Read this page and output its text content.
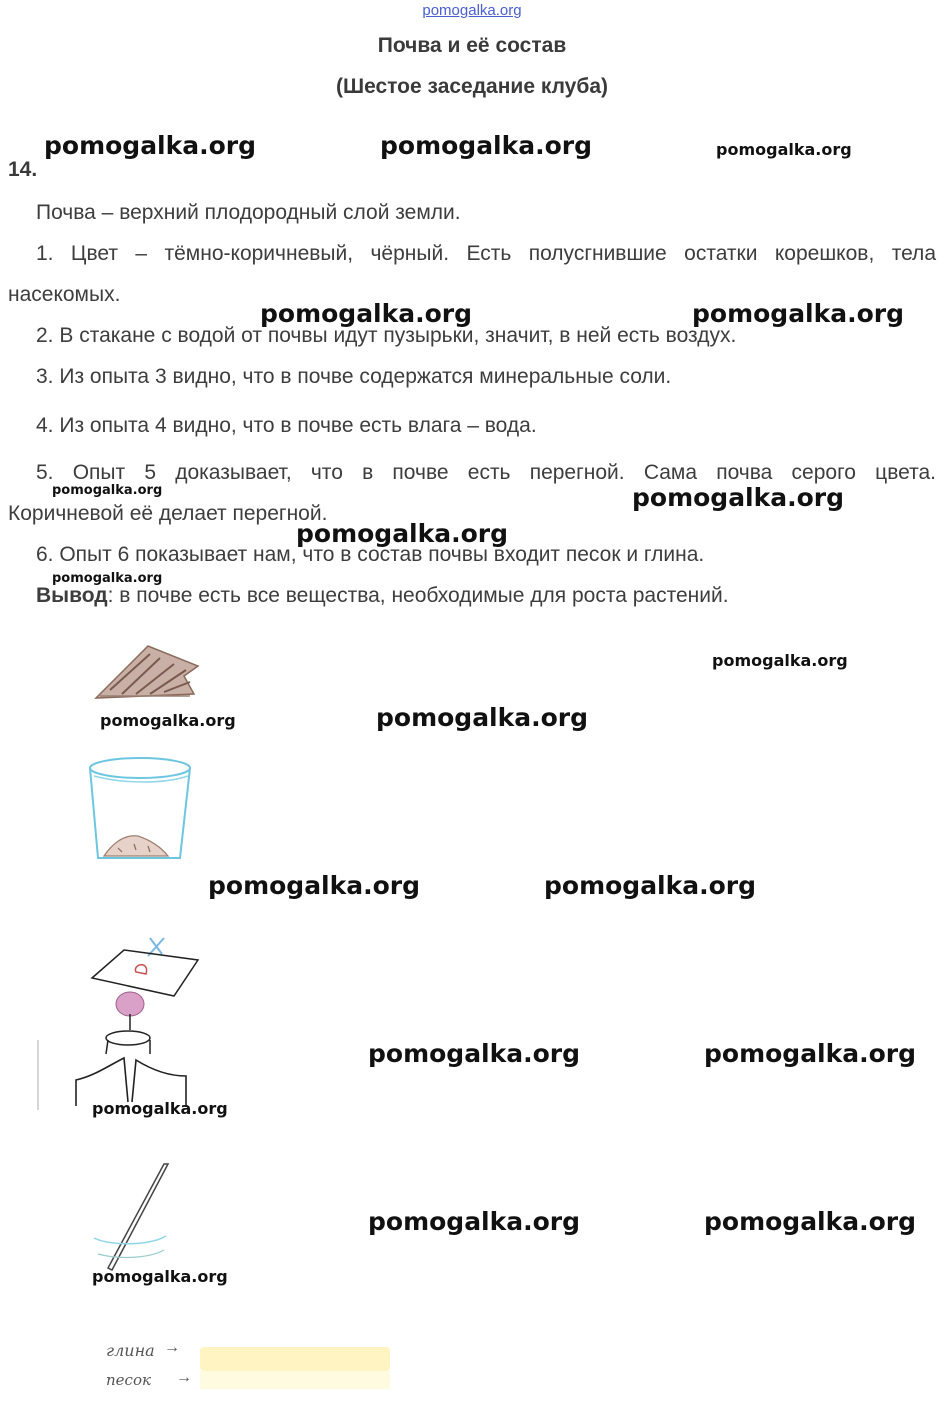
pomogalka.org
Почва и её состав
(Шестое заседание клуба)
14.
Почва – верхний плодородный слой земли.
1. Цвет – тёмно-коричневый, чёрный. Есть полусгнившие остатки корешков, тела
насекомых.
2. В стакане с водой от почвы идут пузырьки, значит, в ней есть воздух.
3. Из опыта 3 видно, что в почве содержатся минеральные соли.
4. Из опыта 4 видно, что в почве есть влага – вода.
5. Опыт 5 доказывает, что в почве есть перегной. Сама почва серого цвета.
Коричневой её делает перегной.
6. Опыт 6 показывает нам, что в состав почвы входит песок и глина.
Вывод: в почве есть все вещества, необходимые для роста растений.
pomogalka.org	pomogalka.org	pomogalka.org
pomogalka.org	pomogalka.org
pomogalka.org	pomogalka.org
pomogalka.org
pomogalka.org
pomogalka.org
pomogalka.org	pomogalka.org
pomogalka.org	pomogalka.org
pomogalka.org	pomogalka.org
pomogalka.org
pomogalka.org	pomogalka.org
pomogalka.org
глина →
песок →
